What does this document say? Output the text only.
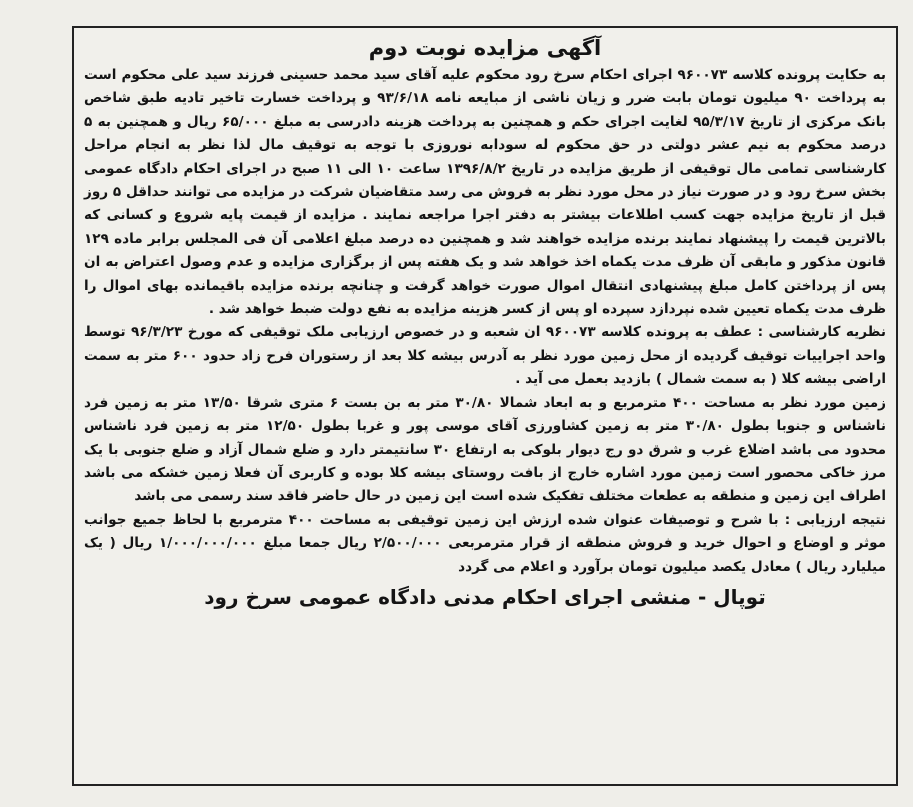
آگهی مزایده نوبت دوم

به حکایت پرونده کلاسه ۹۶۰۰۷۳ اجرای احکام سرخ رود محکوم علیه آقای سید محمد حسینی فرزند سید علی محکوم است به پرداخت ۹۰ میلیون تومان بابت ضرر و زیان ناشی از مبایعه نامه ۹۳/۶/۱۸ و پرداخت خسارت تاخیر تادیه طبق شاخص بانک مرکزی از تاریخ ۹۵/۳/۱۷ لغایت اجرای حکم و همچنین به پرداخت هزینه دادرسی به مبلغ ۶۵/۰۰۰ ریال و همچنین به ۵ درصد محکوم به نیم عشر دولتی در حق محکوم له سودابه نوروزی با توجه به توقیف مال لذا نظر به انجام مراحل کارشناسی تمامی مال توقیفی از طریق مزایده در تاریخ ۱۳۹۶/۸/۲ ساعت ۱۰ الی ۱۱ صبح در اجرای احکام دادگاه عمومی بخش سرخ رود و در صورت نیاز در محل مورد نظر به فروش می رسد متقاضیان شرکت در مزایده می توانند حداقل ۵ روز قبل از تاریخ مزایده جهت کسب اطلاعات بیشتر به دفتر اجرا مراجعه نمایند . مزایده از قیمت پایه شروع و کسانی که بالاترین قیمت را پیشنهاد نمایند برنده مزایده خواهند شد و همچنین ده درصد مبلغ اعلامی آن فی المجلس برابر ماده ۱۲۹ قانون مذکور و مابقی آن ظرف مدت یکماه اخذ خواهد شد و یک هفته پس از برگزاری مزایده و عدم وصول اعتراض به ان پس از پرداختن کامل مبلغ پیشنهادی انتقال اموال صورت خواهد گرفت و چنانچه برنده مزایده باقیمانده بهای اموال را ظرف مدت یکماه تعیین شده نپردازد سپرده او پس از کسر هزینه مزایده به نفع دولت ضبط خواهد شد .

نظریه کارشناسی : عطف به پرونده کلاسه ۹۶۰۰۷۳ ان شعبه و در خصوص ارزیابی ملک توقیفی که مورخ ۹۶/۳/۲۳ توسط واحد اجراییات توقیف گردیده از محل زمین مورد نظر به آدرس بیشه کلا بعد از رستوران فرح زاد حدود ۶۰۰ متر به سمت اراضی بیشه کلا ( به سمت شمال ) بازدید بعمل می آید .

زمین مورد نظر به مساحت ۴۰۰ مترمربع و به ابعاد شمالا ۳۰/۸۰ متر به بن بست ۶ متری شرقا ۱۳/۵۰ متر به زمین فرد ناشناس و جنوبا بطول ۳۰/۸۰ متر به زمین کشاورزی آقای موسی پور و غربا بطول ۱۲/۵۰ متر به زمین فرد ناشناس محدود می باشد اضلاع غرب و شرق دو رج دیوار بلوکی به ارتفاع ۳۰ سانتیمتر دارد و ضلع شمال آزاد و ضلع جنوبی با یک مرز خاکی محصور است زمین مورد اشاره خارج از بافت روستای بیشه کلا بوده و کاربری آن فعلا زمین خشکه می باشد اطراف این زمین و منطقه به عطعات مختلف تفکیک شده است این زمین در حال حاضر فاقد سند رسمی می باشد

نتیجه ارزیابی : با شرح و توصیفات عنوان شده ارزش این زمین توقیفی به مساحت ۴۰۰ مترمربع با لحاظ جمیع جوانب موثر و اوضاع و احوال خرید و فروش منطقه از قرار مترمربعی ۲/۵۰۰/۰۰۰ ریال جمعا مبلغ ۱/۰۰۰/۰۰۰/۰۰۰ ریال ( یک میلیارد ریال ) معادل یکصد میلیون تومان برآورد و اعلام می گردد

توپال - منشی اجرای احکام مدنی دادگاه عمومی سرخ رود
